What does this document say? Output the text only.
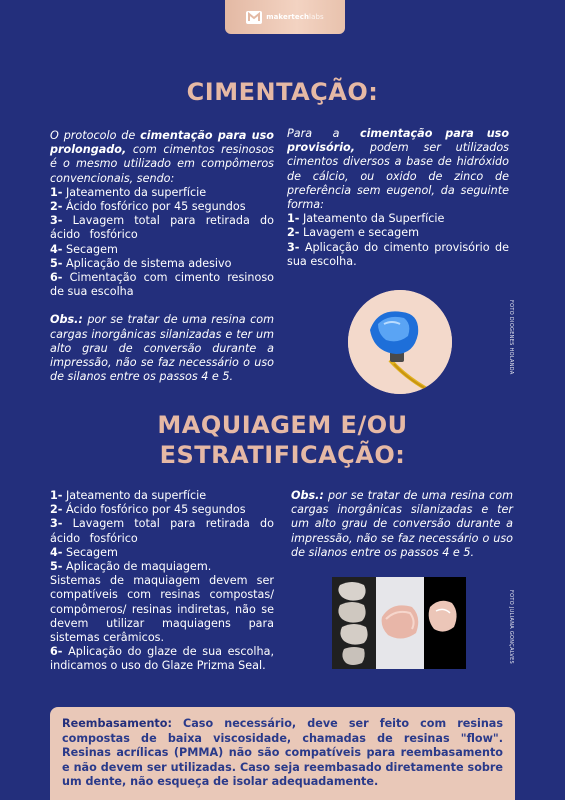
makertechlabs
CIMENTAÇÃO:

O protocolo de cimentação para uso prolongado, com cimentos resinosos é o mesmo utilizado em compômeros convencionais, sendo:

1- Jateamento da superfície

2- Ácido fosfórico por 45 segundos

3- Lavagem total para retirada do ácido fosfórico

4- Secagem

5- Aplicação de sistema adesivo

6- Cimentação com cimento resinoso de sua escolha

Obs.: por se tratar de uma resina com cargas inorgânicas silanizadas e ter um alto grau de conversão durante a impressão, não se faz necessário o uso de silanos entre os passos 4 e 5.

Para a cimentação para uso provisório, podem ser utilizados cimentos diversos a base de hidróxido de cálcio, ou oxido de zinco de preferência sem eugenol, da seguinte forma:

1- Jateamento da Superfície

2- Lavagem e secagem

3- Aplicação do cimento provisório de sua escolha.

FOTO DIOGENES HOLANDA
MAQUIAGEM E/OU
ESTRATIFICAÇÃO:

1- Jateamento da superfície

2- Ácido fosfórico por 45 segundos

3- Lavagem total para retirada do ácido fosfórico

4- Secagem

5- Aplicação de maquiagem.

Sistemas de maquiagem devem ser compatíveis com resinas compostas/ compômeros/ resinas indiretas, não se devem utilizar maquiagens para sistemas cerâmicos.

6- Aplicação do glaze de sua escolha, indicamos o uso do Glaze Prizma Seal.

Obs.: por se tratar de uma resina com cargas inorgânicas silanizadas e ter um alto grau de conversão durante a impressão, não se faz necessário o uso de silanos entre os passos 4 e 5.

FOTO JULIANA GONÇALVES
Reembasamento: Caso necessário, deve ser feito com resinas compostas de baixa viscosidade, chamadas de resinas "flow". Resinas acrílicas (PMMA) não são compatíveis para reembasamento e não devem ser utilizadas. Caso seja reembasado diretamente sobre um dente, não esqueça de isolar adequadamente.
